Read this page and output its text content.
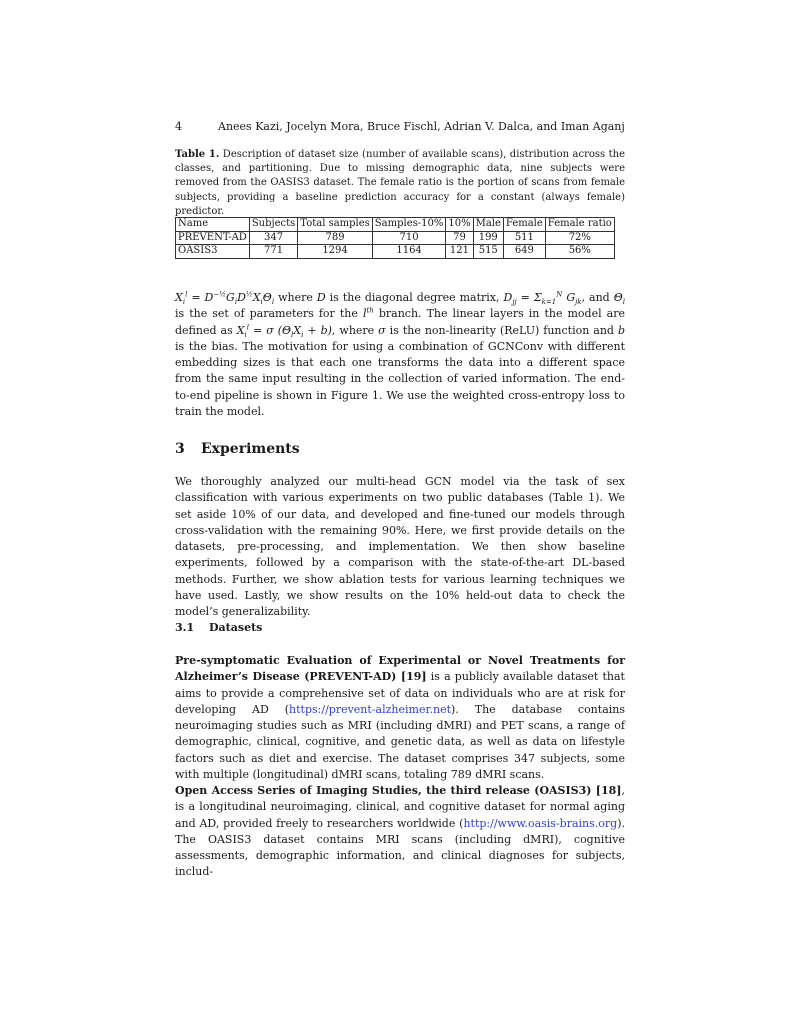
4	Anees Kazi, Jocelyn Mora, Bruce Fischl, Adrian V. Dalca, and Iman Aganj
Table 1. Description of dataset size (number of available scans), distribution across the classes, and partitioning. Due to missing demographic data, nine subjects were removed from the OASIS3 dataset. The female ratio is the portion of scans from female subjects, providing a baseline prediction accuracy for a constant (always female) predictor.
Name	Subjects	Total samples	Samples-10%	10%	Male	Female	Female ratio
PREVENT-AD	347	789	710	79	199	511	72%
OASIS3	771	1294	1164	121	515	649	56%

$X_i^l = D^{-\frac{1}{2}}G_iD^{\frac{1}{2}}X_i\Theta_l$ where D is the diagonal degree matrix, $D_{jj} = \Sigma_{k=1}^N$ $G_{jk}$, and $\Theta_l$ is the set of parameters for the $l^{th}$ branch. The linear layers in the model are defined as $X_i^l = \sigma$ $(\Theta_lX_i + b)$, where σ is the non-linearity (ReLU) function and b is the bias. The motivation for using a combination of GCNConv with different embedding sizes is that each one transforms the data into a different space from the same input resulting in the collection of varied information. The end-to-end pipeline is shown in Figure 1. We use the weighted cross-entropy loss to train the model.

3 Experiments

We thoroughly analyzed our multi-head GCN model via the task of sex classification with various experiments on two public databases (Table 1). We set aside 10% of our data, and developed and fine-tuned our models through cross-validation with the remaining 90%. Here, we first provide details on the datasets, pre-processing, and implementation. We then show baseline experiments, followed by a comparison with the state-of-the-art DL-based methods. Further, we show ablation tests for various learning techniques we have used. Lastly, we show results on the 10% held-out data to check the model’s generalizability.

3.1 Datasets

Pre-symptomatic Evaluation of Experimental or Novel Treatments for Alzheimer’s Disease (PREVENT-AD) [19] is a publicly available dataset that aims to provide a comprehensive set of data on individuals who are at risk for developing AD (https://prevent-alzheimer.net). The database contains neuroimaging studies such as MRI (including dMRI) and PET scans, a range of demographic, clinical, cognitive, and genetic data, as well as data on lifestyle factors such as diet and exercise. The dataset comprises 347 subjects, some with multiple (longitudinal) dMRI scans, totaling 789 dMRI scans.

Open Access Series of Imaging Studies, the third release (OASIS3) [18], is a longitudinal neuroimaging, clinical, and cognitive dataset for normal aging and AD, provided freely to researchers worldwide (http://www.oasis-brains.org). The OASIS3 dataset contains MRI scans (including dMRI), cognitive assessments, demographic information, and clinical diagnoses for subjects, includ-
